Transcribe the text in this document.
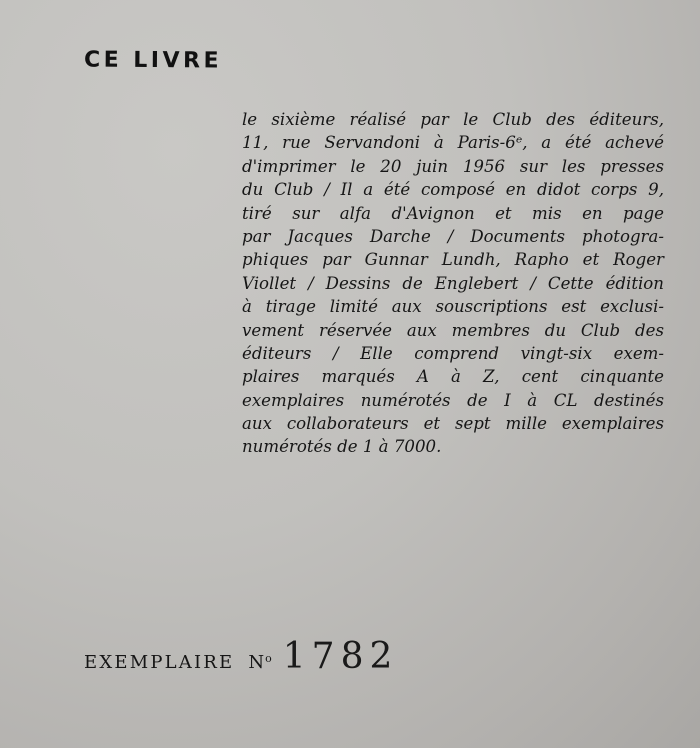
CE LIVRE
le sixième réalisé par le Club des éditeurs,
11, rue Servandoni à Paris-6ᵉ, a été achevé
d'imprimer le 20 juin 1956 sur les presses
du Club / Il a été composé en didot corps 9,
tiré sur alfa d'Avignon et mis en page
par Jacques Darche / Documents photogra-
phiques par Gunnar Lundh, Rapho et Roger
Viollet / Dessins de Englebert / Cette édition
à tirage limité aux souscriptions est exclusi-
vement réservée aux membres du Club des
éditeurs / Elle comprend vingt-six exem-
plaires marqués A à Z, cent cinquante
exemplaires numérotés de I à CL destinés
aux collaborateurs et sept mille exemplaires
numérotés de 1 à 7000.
EXEMPLAIRE $N^o$ 1782
